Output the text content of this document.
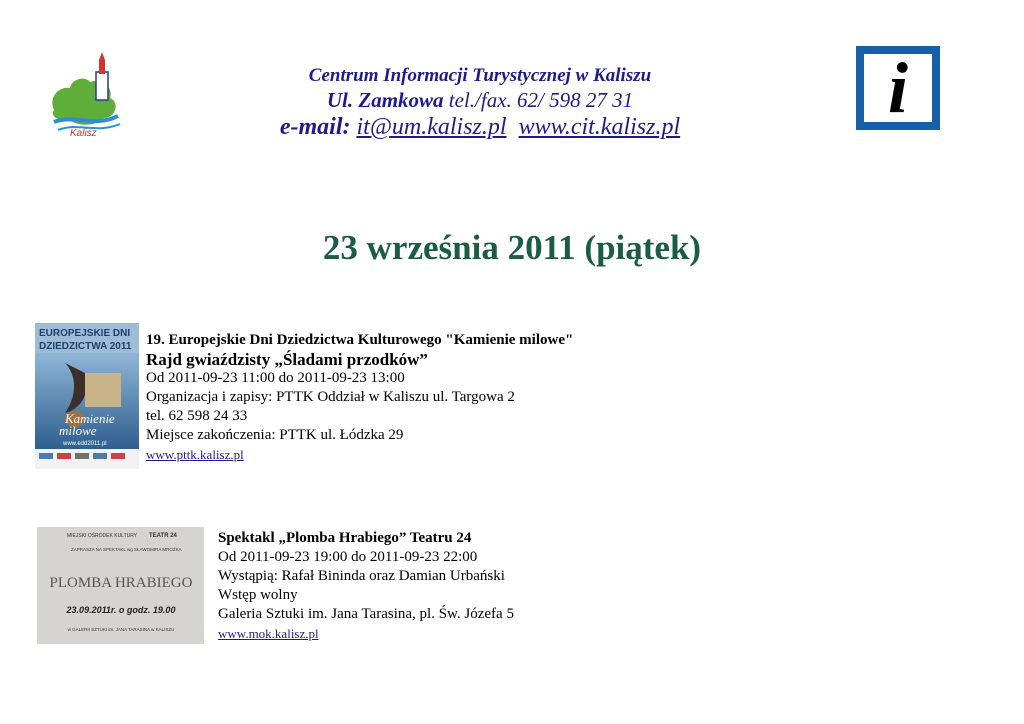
Kalisz
Centrum Informacji Turystycznej w Kaliszu
Ul. Zamkowa tel./fax. 62/ 598 27 31
e-mail: it@um.kalisz.pl www.cit.kalisz.pl	i
23 września 2011 (piątek)
EUROPEJSKIE DNI
DZIEDZICTWA 2011
Kamienie
milowe
www.edd2011.pl
19. Europejskie Dni Dziedzictwa Kulturowego "Kamienie milowe"
Rajd gwiaździsty „Śladami przodków”
Od 2011-09-23 11:00 do 2011-09-23 13:00
Organizacja i zapisy: PTTK Oddział w Kaliszu ul. Targowa 2
tel. 62 598 24 33
Miejsce zakończenia: PTTK ul. Łódzka 29
www.pttk.kalisz.pl
MIEJSKI OŚRODEK KULTURY TEATR 24
ZAPRASZA NA SPEKTAKL wg SŁAWOMIRA MROŻKA
PLOMBA HRABIEGO
23.09.2011r. o godz. 19.00
w GALERII SZTUKI im. JANA TARASINA w KALISZU
Spektakl „Plomba Hrabiego” Teatru 24
Od 2011-09-23 19:00 do 2011-09-23 22:00
Wystąpią: Rafał Bininda oraz Damian Urbański
Wstęp wolny
Galeria Sztuki im. Jana Tarasina, pl. Św. Józefa 5
www.mok.kalisz.pl
